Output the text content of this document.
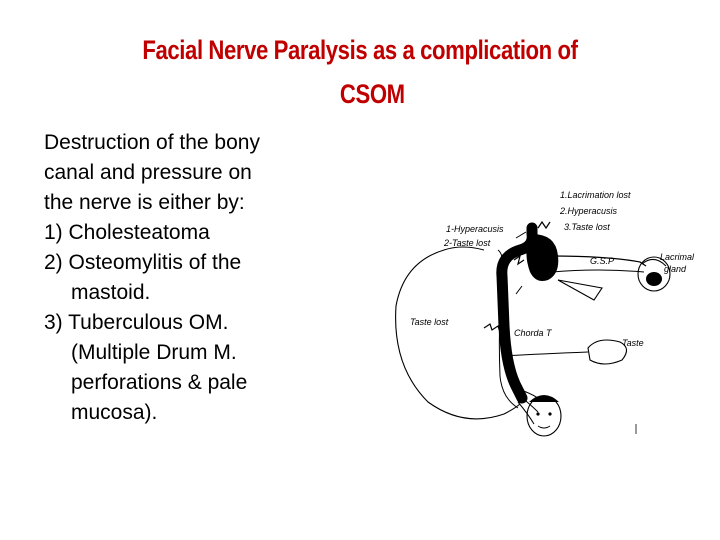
Facial Nerve Paralysis as a complication of
CSOM
Destruction of the bony
canal and pressure on
the nerve is either by:
1) Cholesteatoma
2) Osteomylitis of the
mastoid.
3) Tuberculous OM.
(Multiple Drum M.
perforations & pale
mucosa).
1.Lacrimation lost
2.Hyperacusis
3.Taste lost
1-Hyperacusis
2-Taste lost
G.S.P	Lacrimal
gland
Taste lost
Chorda T
Taste
